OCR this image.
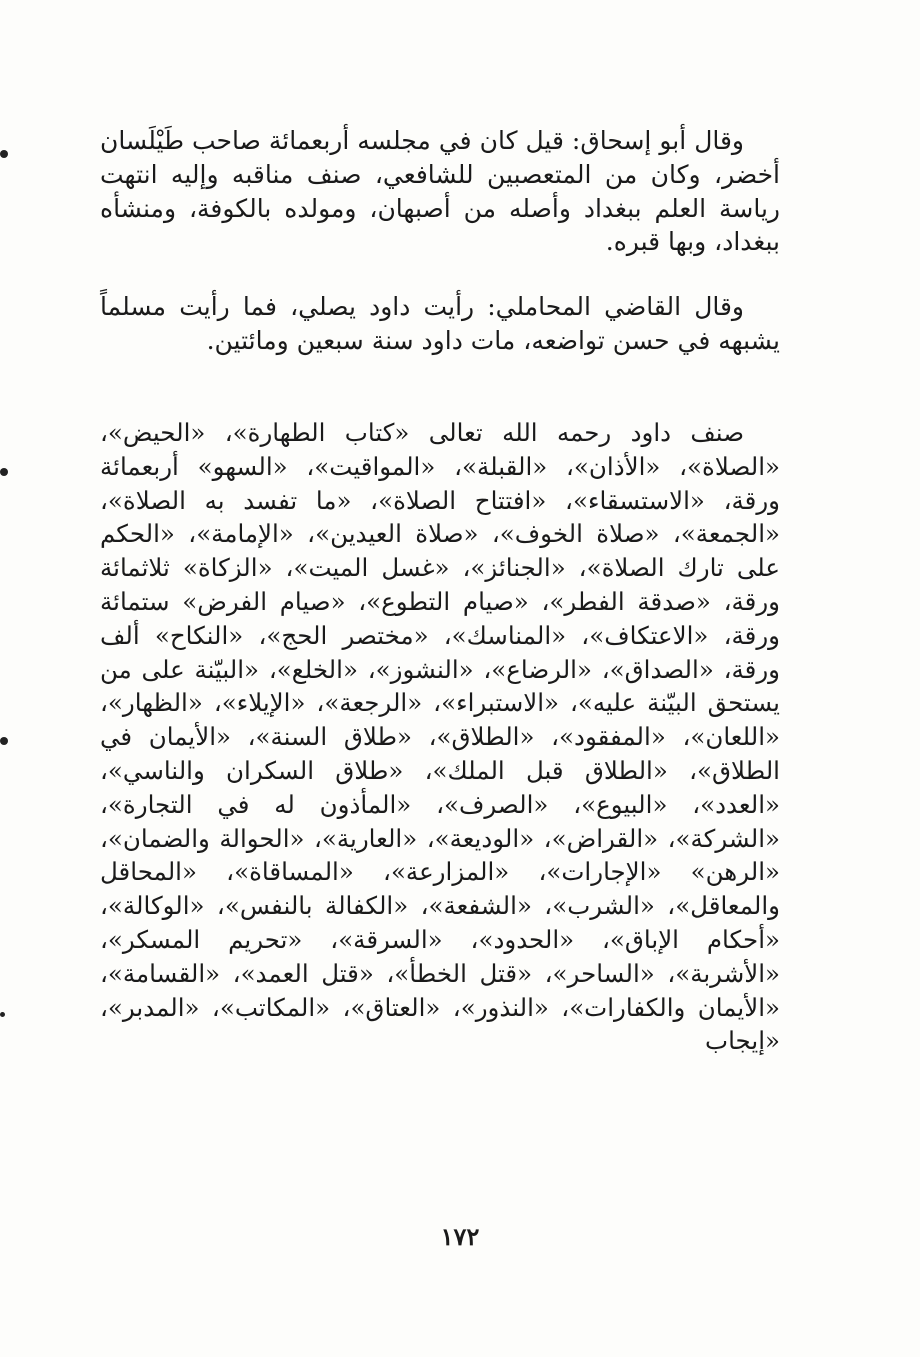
وقال أبو إسحاق: قيل كان في مجلسه أربعمائة صاحب طَيْلَسان أخضر، وكان من المتعصبين للشافعي، صنف مناقبه وإليه انتهت رياسة العلم ببغداد وأصله من أصبهان، ومولده بالكوفة، ومنشأه ببغداد، وبها قبره.

وقال القاضي المحاملي: رأيت داود يصلي، فما رأيت مسلماً يشبهه في حسن تواضعه، مات داود سنة سبعين ومائتين.

صنف داود رحمه الله تعالى «كتاب الطهارة»، «الحيض»، «الصلاة»، «الأذان»، «القبلة»، «المواقيت»، «السهو» أربعمائة ورقة، «الاستسقاء»، «افتتاح الصلاة»، «ما تفسد به الصلاة»، «الجمعة»، «صلاة الخوف»، «صلاة العيدين»، «الإمامة»، «الحكم على تارك الصلاة»، «الجنائز»، «غسل الميت»، «الزكاة» ثلاثمائة ورقة، «صدقة الفطر»، «صيام التطوع»، «صيام الفرض» ستمائة ورقة، «الاعتكاف»، «المناسك»، «مختصر الحج»، «النكاح» ألف ورقة، «الصداق»، «الرضاع»، «النشوز»، «الخلع»، «البيّنة على من يستحق البيّنة عليه»، «الاستبراء»، «الرجعة»، «الإيلاء»، «الظهار»، «اللعان»، «المفقود»، «الطلاق»، «طلاق السنة»، «الأيمان في الطلاق»، «الطلاق قبل الملك»، «طلاق السكران والناسي»، «العدد»، «البيوع»، «الصرف»، «المأذون له في التجارة»، «الشركة»، «القراض»، «الوديعة»، «العارية»، «الحوالة والضمان»، «الرهن» «الإجارات»، «المزارعة»، «المساقاة»، «المحاقل والمعاقل»، «الشرب»، «الشفعة»، «الكفالة بالنفس»، «الوكالة»، «أحكام الإباق»، «الحدود»، «السرقة»، «تحريم المسكر»، «الأشربة»، «الساحر»، «قتل الخطأ»، «قتل العمد»، «القسامة»، «الأيمان والكفارات»، «النذور»، «العتاق»، «المكاتب»، «المدبر»، «إيجاب

١٧٢
